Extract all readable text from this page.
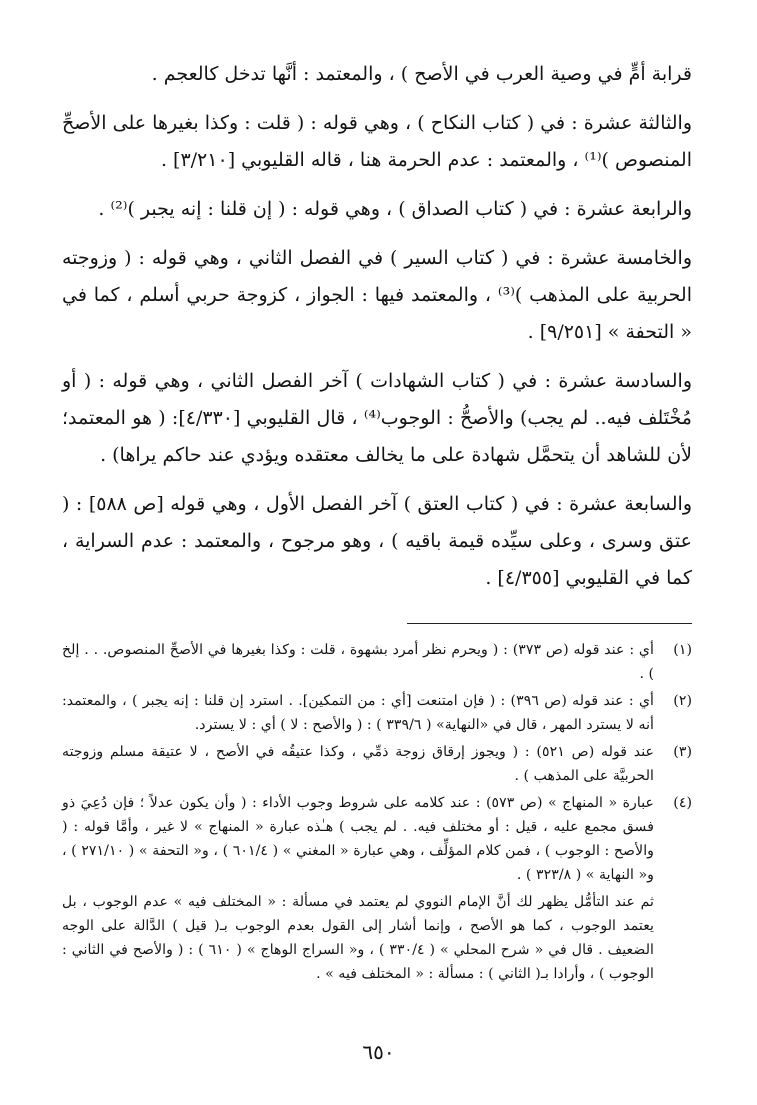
قرابة أمٍّ في وصية العرب في الأصح ) ، والمعتمد : أنَّها تدخل كالعجم .

والثالثة عشرة : في ( كتاب النكاح ) ، وهي قوله : ( قلت : وكذا بغيرها على الأصحِّ المنصوص )⁽¹⁾ ، والمعتمد : عدم الحرمة هنا ، قاله القليوبي [٣/٢١٠] .

والرابعة عشرة : في ( كتاب الصداق ) ، وهي قوله : ( إن قلنا : إنه يجبر )⁽²⁾ .

والخامسة عشرة : في ( كتاب السير ) في الفصل الثاني ، وهي قوله : ( وزوجته الحربية على المذهب )⁽³⁾ ، والمعتمد فيها : الجواز ، كزوجة حربي أسلم ، كما في « التحفة » [٩/٢٥١] .

والسادسة عشرة : في ( كتاب الشهادات ) آخر الفصل الثاني ، وهي قوله : ( أو مُخْتَلف فيه.. لم يجب) والأصحُّ : الوجوب⁽⁴⁾ ، قال القليوبي [٤/٣٣٠]: ( هو المعتمد؛ لأن للشاهد أن يتحمَّل شهادة على ما يخالف معتقده ويؤدي عند حاكم يراها) .

والسابعة عشرة : في ( كتاب العتق ) آخر الفصل الأول ، وهي قوله [ص ٥٨٨] : ( عتق وسرى ، وعلى سيِّده قيمة باقيه ) ، وهو مرجوح ، والمعتمد : عدم السراية ، كما في القليوبي [٤/٣٥٥] .

(١)
أي : عند قوله (ص ٣٧٣) : ( ويحرم نظر أمرد بشهوة ، قلت : وكذا بغيرها في الأصحِّ المنصوص. . . إلخ ) .
(٢)
أي : عند قوله (ص ٣٩٦) : ( فإن امتنعت [أي : من التمكين]. . استرد إن قلنا : إنه يجبر ) ، والمعتمد: أنه لا يسترد المهر ، قال في «النهاية» ( ٣٣٩/٦ ) : ( والأصح : لا ) أي : لا يسترد.
(٣)
عند قوله (ص ٥٢١) : ( ويجوز إرقاق زوجة ذمِّي ، وكذا عتيقُه في الأصح ، لا عتيقة مسلم وزوجته الحربيَّة على المذهب ) .
(٤)
عبارة « المنهاج » (ص ٥٧٣) : عند كلامه على شروط وجوب الأداء : ( وأن يكون عدلاً ؛ فإن دُعِيَ ذو فسق مجمع عليه ، قيل : أو مختلف فيه. . لم يجب ) هـٰذه عبارة « المنهاج » لا غير ، وأمَّا قوله : ( والأصح : الوجوب ) ، فمن كلام المؤلِّف ، وهي عبارة « المغني » ( ٦٠١/٤ ) ، و« التحفة » ( ٢٧١/١٠ ) ، و« النهاية » ( ٣٢٣/٨ ) .
ثم عند التأمُّل يظهر لك أنَّ الإمام النووي لم يعتمد في مسألة : « المختلف فيه » عدم الوجوب ، بل يعتمد الوجوب ، كما هو الأصح ، وإنما أشار إلى القول بعدم الوجوب بـ( قيل ) الدَّالة على الوجه الضعيف . قال في « شرح المحلي » ( ٣٣٠/٤ ) ، و« السراج الوهاج » ( ٦١٠ ) : ( والأصح في الثاني : الوجوب ) ، وأرادا بـ( الثاني ) : مسألة : « المختلف فيه » .
٦٥٠
